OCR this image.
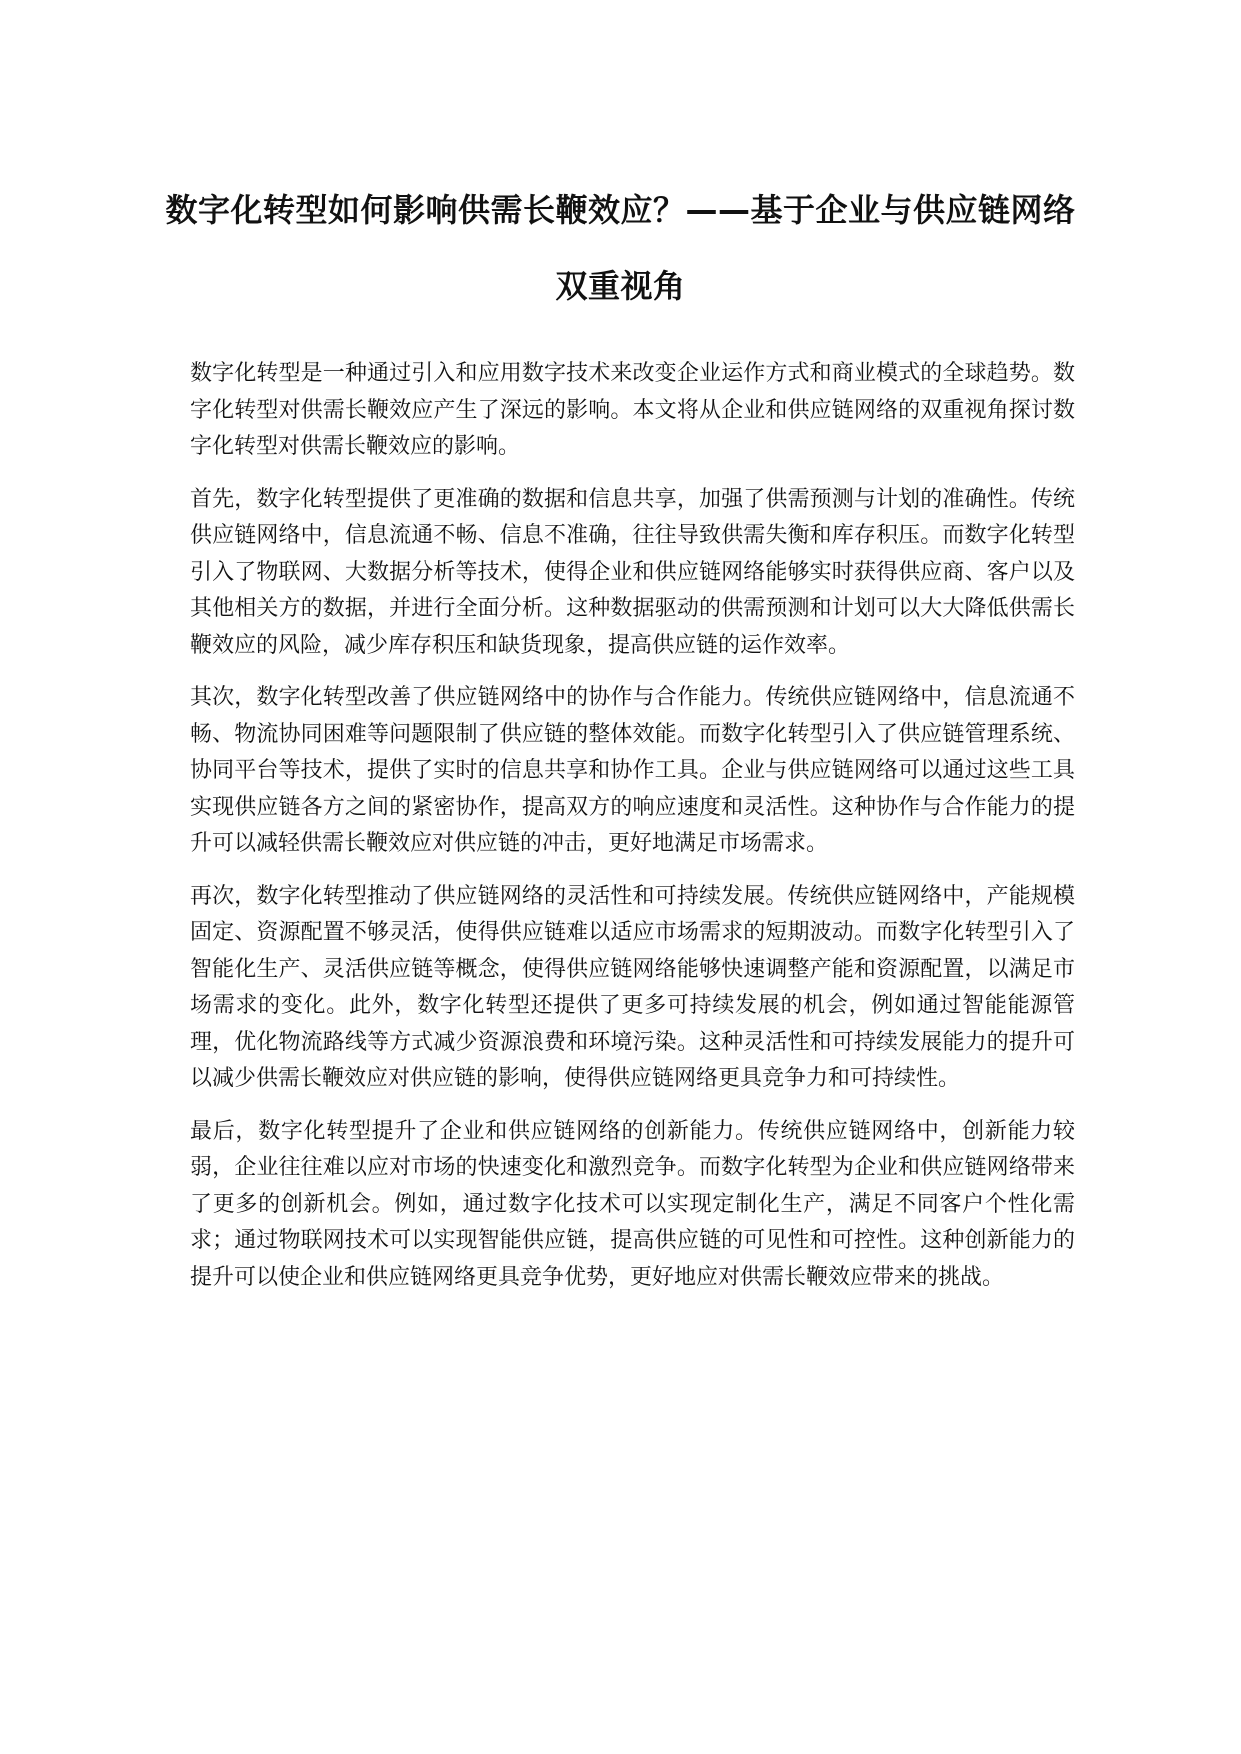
数字化转型如何影响供需长鞭效应？——基于企业与供应链网络双重视角

数字化转型是一种通过引入和应用数字技术来改变企业运作方式和商业模式的全球趋势。数字化转型对供需长鞭效应产生了深远的影响。本文将从企业和供应链网络的双重视角探讨数字化转型对供需长鞭效应的影响。

首先，数字化转型提供了更准确的数据和信息共享，加强了供需预测与计划的准确性。传统供应链网络中，信息流通不畅、信息不准确，往往导致供需失衡和库存积压。而数字化转型引入了物联网、大数据分析等技术，使得企业和供应链网络能够实时获得供应商、客户以及其他相关方的数据，并进行全面分析。这种数据驱动的供需预测和计划可以大大降低供需长鞭效应的风险，减少库存积压和缺货现象，提高供应链的运作效率。

其次，数字化转型改善了供应链网络中的协作与合作能力。传统供应链网络中，信息流通不畅、物流协同困难等问题限制了供应链的整体效能。而数字化转型引入了供应链管理系统、协同平台等技术，提供了实时的信息共享和协作工具。企业与供应链网络可以通过这些工具实现供应链各方之间的紧密协作，提高双方的响应速度和灵活性。这种协作与合作能力的提升可以减轻供需长鞭效应对供应链的冲击，更好地满足市场需求。

再次，数字化转型推动了供应链网络的灵活性和可持续发展。传统供应链网络中，产能规模固定、资源配置不够灵活，使得供应链难以适应市场需求的短期波动。而数字化转型引入了智能化生产、灵活供应链等概念，使得供应链网络能够快速调整产能和资源配置，以满足市场需求的变化。此外，数字化转型还提供了更多可持续发展的机会，例如通过智能能源管理，优化物流路线等方式减少资源浪费和环境污染。这种灵活性和可持续发展能力的提升可以减少供需长鞭效应对供应链的影响，使得供应链网络更具竞争力和可持续性。

最后，数字化转型提升了企业和供应链网络的创新能力。传统供应链网络中，创新能力较弱，企业往往难以应对市场的快速变化和激烈竞争。而数字化转型为企业和供应链网络带来了更多的创新机会。例如，通过数字化技术可以实现定制化生产，满足不同客户个性化需求；通过物联网技术可以实现智能供应链，提高供应链的可见性和可控性。这种创新能力的提升可以使企业和供应链网络更具竞争优势，更好地应对供需长鞭效应带来的挑战。
